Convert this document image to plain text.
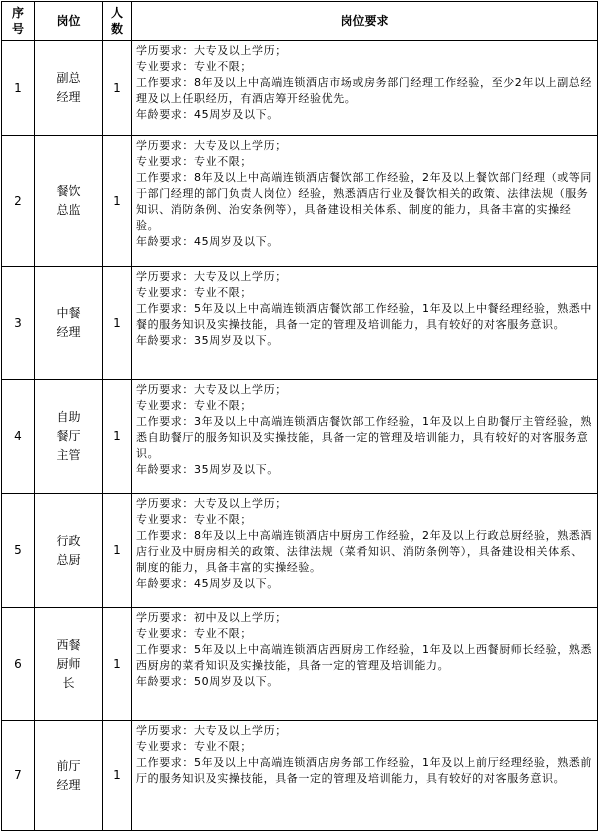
序号	岗位	人数	岗位要求
1	副总经理	1	学历要求：大专及以上学历；
专业要求：专业不限；
工作要求：8年及以上中高端连锁酒店市场或房务部门经理工作经验，至少2年以上副总经理及以上任职经历，有酒店筹开经验优先。
年龄要求：45周岁及以下。

2	餐饮总监	1	学历要求：大专及以上学历；
专业要求：专业不限；
工作要求：8年及以上中高端连锁酒店餐饮部工作经验，2年及以上餐饮部门经理（或等同于部门经理的部门负责人岗位）经验，熟悉酒店行业及餐饮相关的政策、法律法规（服务知识、消防条例、治安条例等），具备建设相关体系、制度的能力，具备丰富的实操经验。
年龄要求：45周岁及以下。

3	中餐经理	1	学历要求：大专及以上学历；
专业要求：专业不限；
工作要求：5年及以上中高端连锁酒店餐饮部工作经验，1年及以上中餐经理经验，熟悉中餐的服务知识及实操技能，具备一定的管理及培训能力，具有较好的对客服务意识。
年龄要求：35周岁及以下。

4	自助餐厅主管	1	学历要求：大专及以上学历；
专业要求：专业不限；
工作要求：3年及以上中高端连锁酒店餐饮部工作经验，1年及以上自助餐厅主管经验，熟悉自助餐厅的服务知识及实操技能，具备一定的管理及培训能力，具有较好的对客服务意识。
年龄要求：35周岁及以下。

5	行政总厨	1	学历要求：大专及以上学历；
专业要求：专业不限；
工作要求：8年及以上中高端连锁酒店中厨房工作经验，2年及以上行政总厨经验，熟悉酒店行业及中厨房相关的政策、法律法规（菜肴知识、消防条例等），具备建设相关体系、制度的能力，具备丰富的实操经验。
年龄要求：45周岁及以下。

6	西餐厨师长	1	学历要求：初中及以上学历；
专业要求：专业不限；
工作要求：5年及以上中高端连锁酒店西厨房工作经验，1年及以上西餐厨师长经验，熟悉西厨房的菜肴知识及实操技能，具备一定的管理及培训能力。
年龄要求：50周岁及以下。

7	前厅经理	1	学历要求：大专及以上学历；
专业要求：专业不限；
工作要求：5年及以上中高端连锁酒店房务部工作经验，1年及以上前厅经理经验，熟悉前厅的服务知识及实操技能，具备一定的管理及培训能力，具有较好的对客服务意识。
